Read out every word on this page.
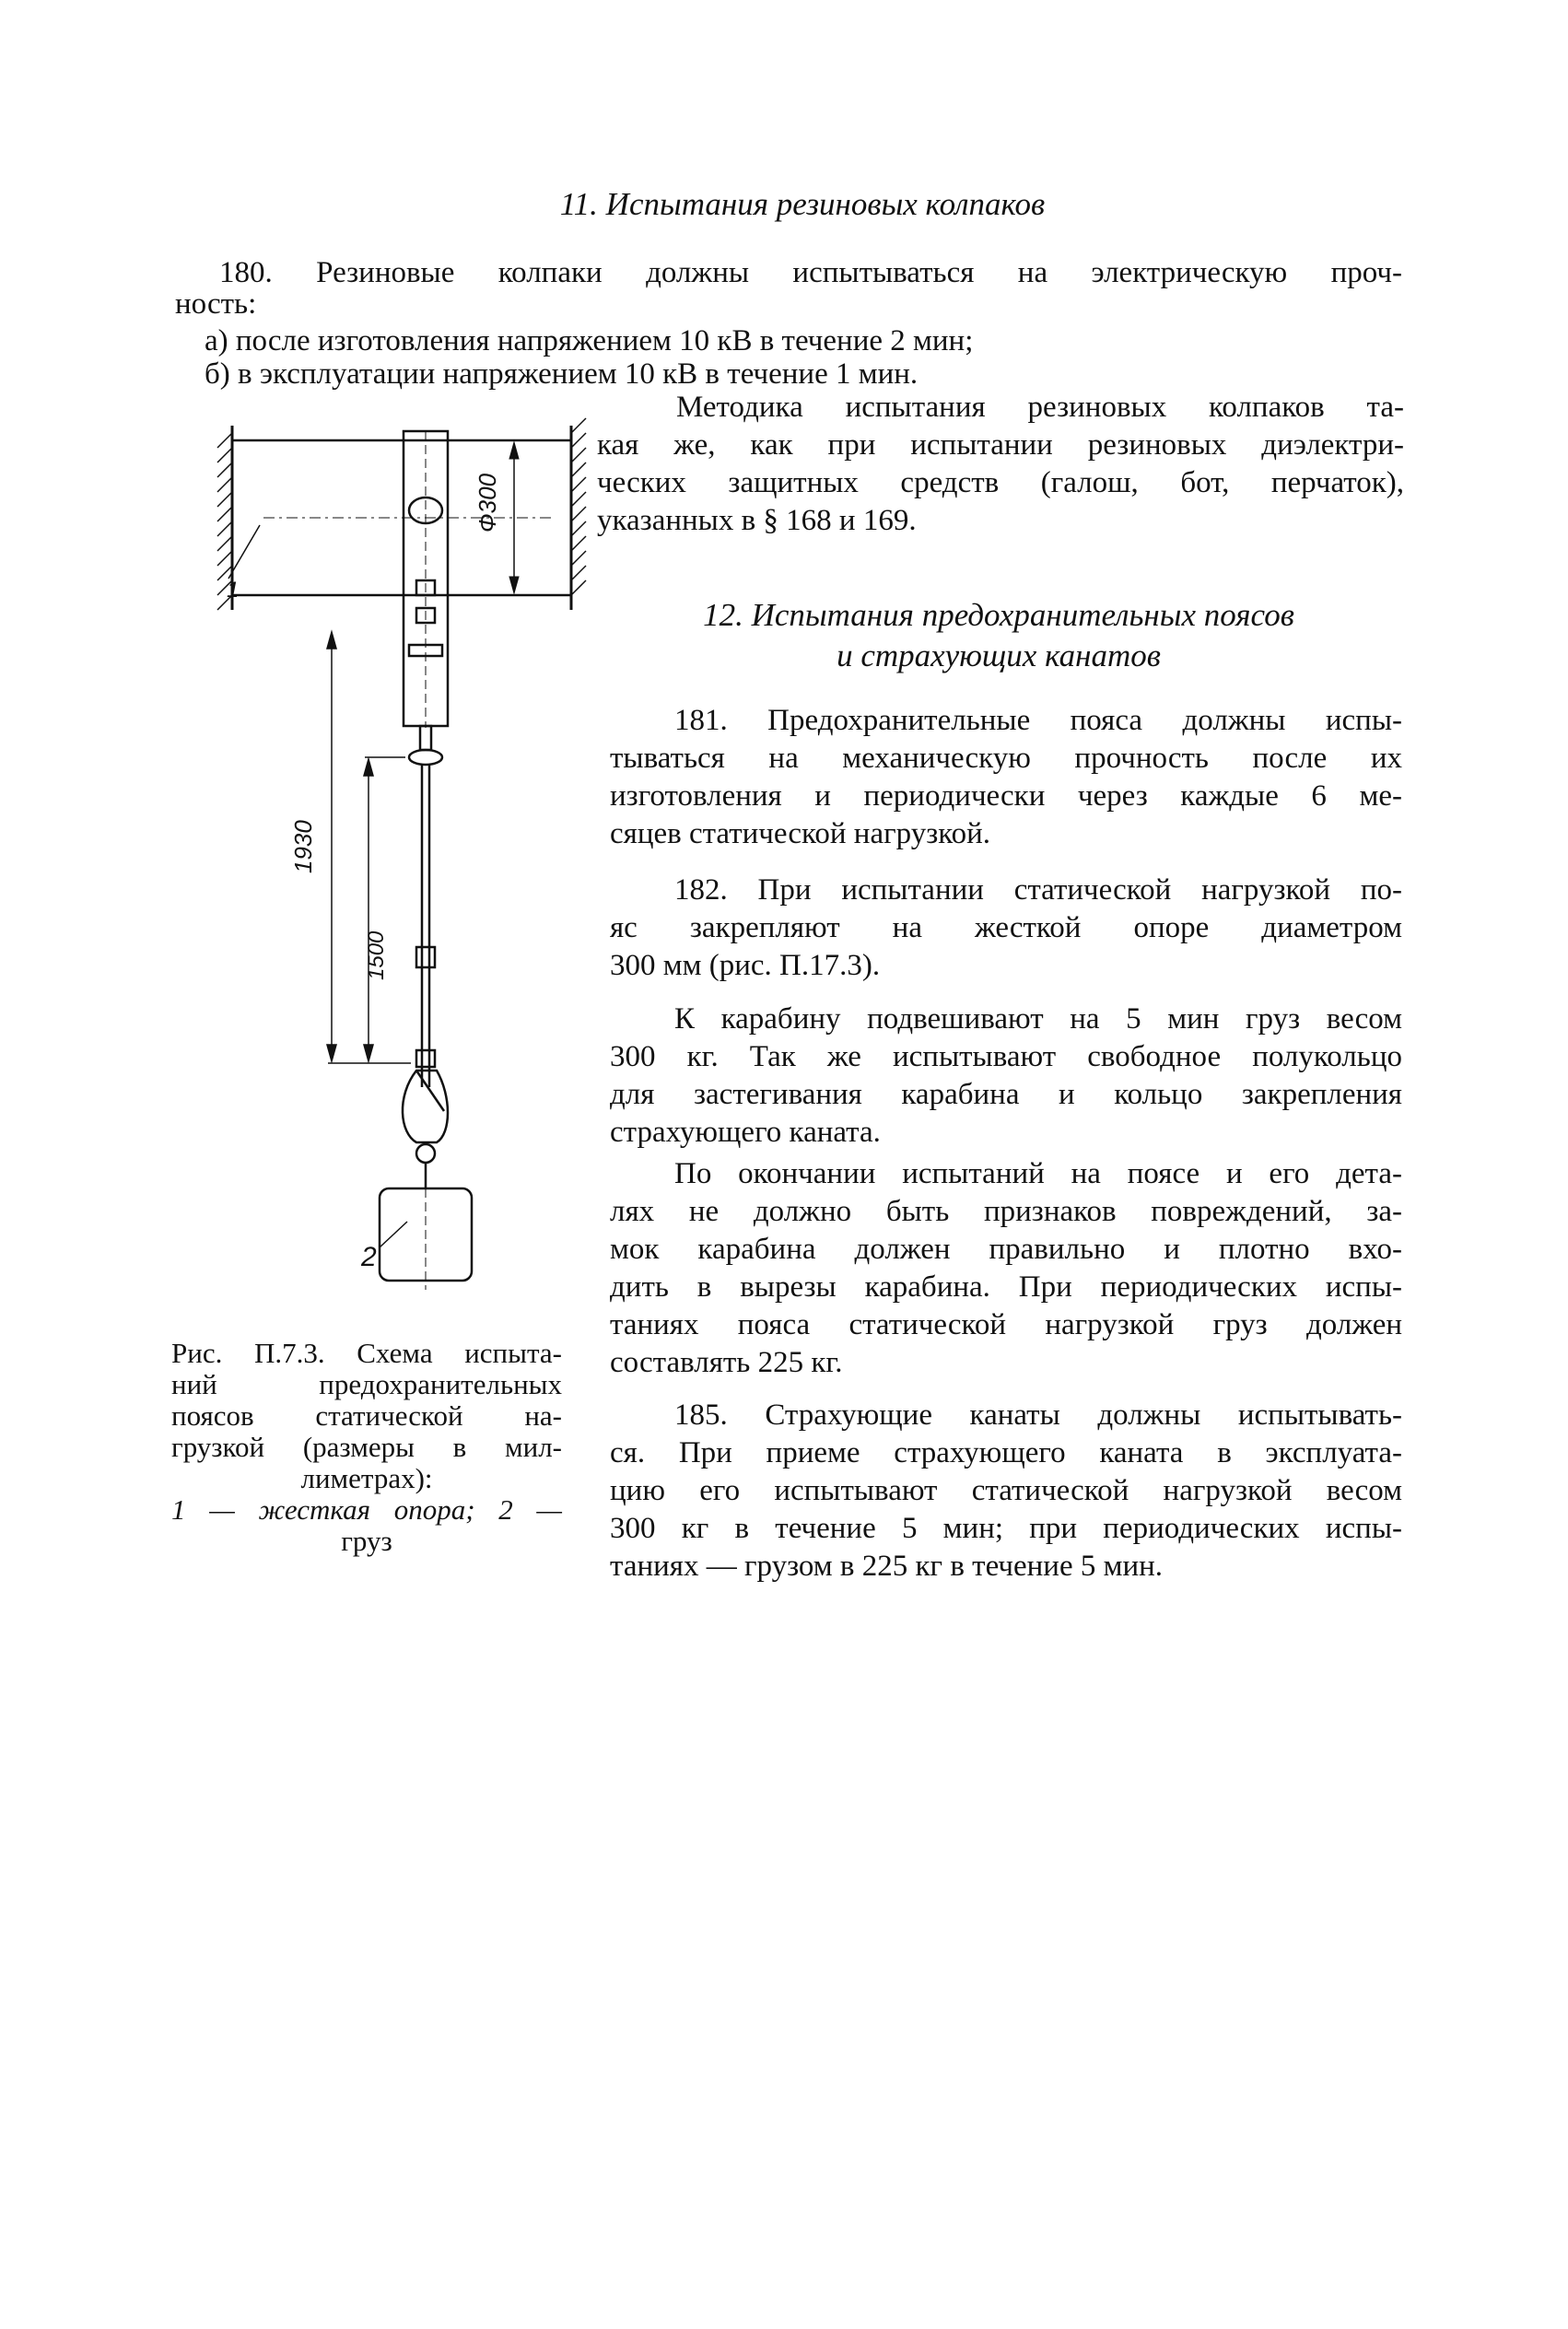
11. Испытания резиновых колпаков
180. Резиновые колпаки должны испытываться на электрическую проч-
ность:
а) после изготовления напряжением 10 кВ в течение 2 мин;
б) в эксплуатации напряжением 10 кВ в течение 1 мин.
Методика испытания резиновых колпаков та-
кая же, как при испытании резиновых диэлектри-
ческих защитных средств (галош, бот, перчаток),
указанных в § 168 и 169.
12. Испытания предохранительных поясов
и страхующих канатов
181. Предохранительные пояса должны испы-
тываться на механическую прочность после их
изготовления и периодически через каждые 6 ме-
сяцев статической нагрузкой.
182. При испытании статической нагрузкой по-
яс закрепляют на жесткой опоре диаметром
300 мм (рис. П.17.3).
К карабину подвешивают на 5 мин груз весом
300 кг. Так же испытывают свободное полукольцо
для застегивания карабина и кольцо закрепления
страхующего каната.
По окончании испытаний на поясе и его дета-
лях не должно быть признаков повреждений, за-
мок карабина должен правильно и плотно вхо-
дить в вырезы карабина. При периодических испы-
таниях пояса статической нагрузкой груз должен
составлять 225 кг.
185. Страхующие канаты должны испытывать-
ся. При приеме страхующего каната в эксплуата-
цию его испытывают статической нагрузкой весом
300 кг в течение 5 мин; при периодических испы-
таниях — грузом в 225 кг в течение 5 мин.
Ф300
1930
1500
1
2
Рис. П.7.3. Схема испыта-
ний предохранительных
поясов статической на-
грузкой (размеры в мил-
лиметрах):
1 — жесткая опора; 2 —
груз
